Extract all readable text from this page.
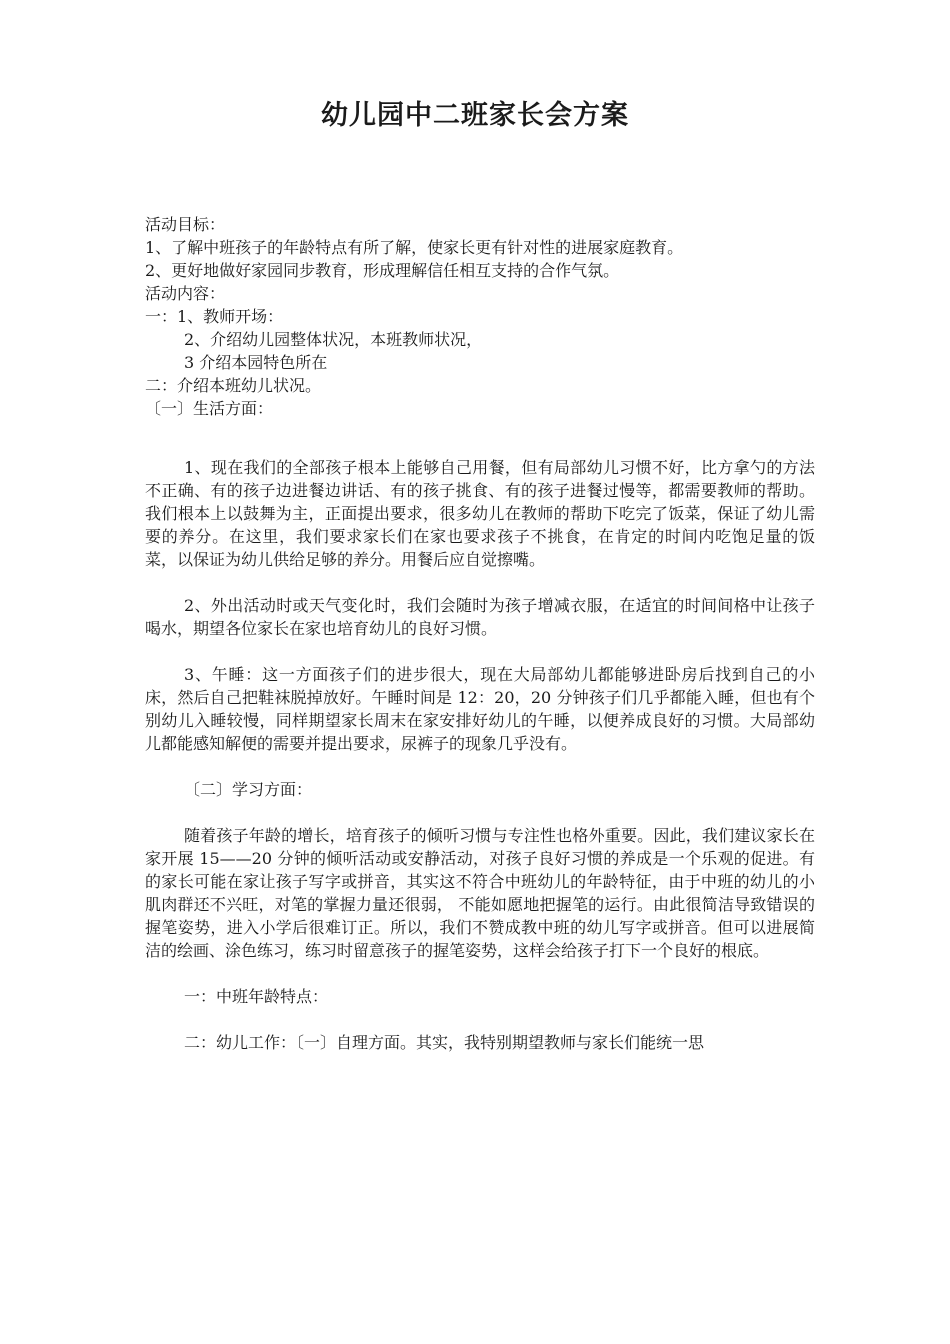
幼儿园中二班家长会方案

活动目标：

1、了解中班孩子的年龄特点有所了解，使家长更有针对性的进展家庭教育。

2、更好地做好家园同步教育，形成理解信任相互支持的合作气氛。

活动内容：

一：1、教师开场：

2、介绍幼儿园整体状况，本班教师状况，

3 介绍本园特色所在

二：介绍本班幼儿状况。

〔一〕生活方面：

1、现在我们的全部孩子根本上能够自己用餐，但有局部幼儿习惯不好，比方拿勺的方法不正确、有的孩子边进餐边讲话、有的孩子挑食、有的孩子进餐过慢等，都需要教师的帮助。我们根本上以鼓舞为主，正面提出要求，很多幼儿在教师的帮助下吃完了饭菜，保证了幼儿需要的养分。在这里，我们要求家长们在家也要求孩子不挑食，在肯定的时间内吃饱足量的饭菜，以保证为幼儿供给足够的养分。用餐后应自觉擦嘴。

2、外出活动时或天气变化时，我们会随时为孩子增减衣服，在适宜的时间间格中让孩子喝水，期望各位家长在家也培育幼儿的良好习惯。

3、午睡：这一方面孩子们的进步很大，现在大局部幼儿都能够进卧房后找到自己的小床，然后自己把鞋袜脱掉放好。午睡时间是 12：20，20 分钟孩子们几乎都能入睡，但也有个别幼儿入睡较慢，同样期望家长周末在家安排好幼儿的午睡，以便养成良好的习惯。大局部幼儿都能感知解便的需要并提出要求，尿裤子的现象几乎没有。

〔二〕学习方面：

随着孩子年龄的增长，培育孩子的倾听习惯与专注性也格外重要。因此，我们建议家长在家开展 15——20 分钟的倾听活动或安静活动，对孩子良好习惯的养成是一个乐观的促进。有的家长可能在家让孩子写字或拼音，其实这不符合中班幼儿的年龄特征，由于中班的幼儿的小肌肉群还不兴旺，对笔的掌握力量还很弱， 不能如愿地把握笔的运行。由此很简洁导致错误的握笔姿势，进入小学后很难订正。所以，我们不赞成教中班的幼儿写字或拼音。但可以进展简洁的绘画、涂色练习，练习时留意孩子的握笔姿势，这样会给孩子打下一个良好的根底。

一：中班年龄特点：

二：幼儿工作：〔一〕自理方面。其实，我特别期望教师与家长们能统一思
